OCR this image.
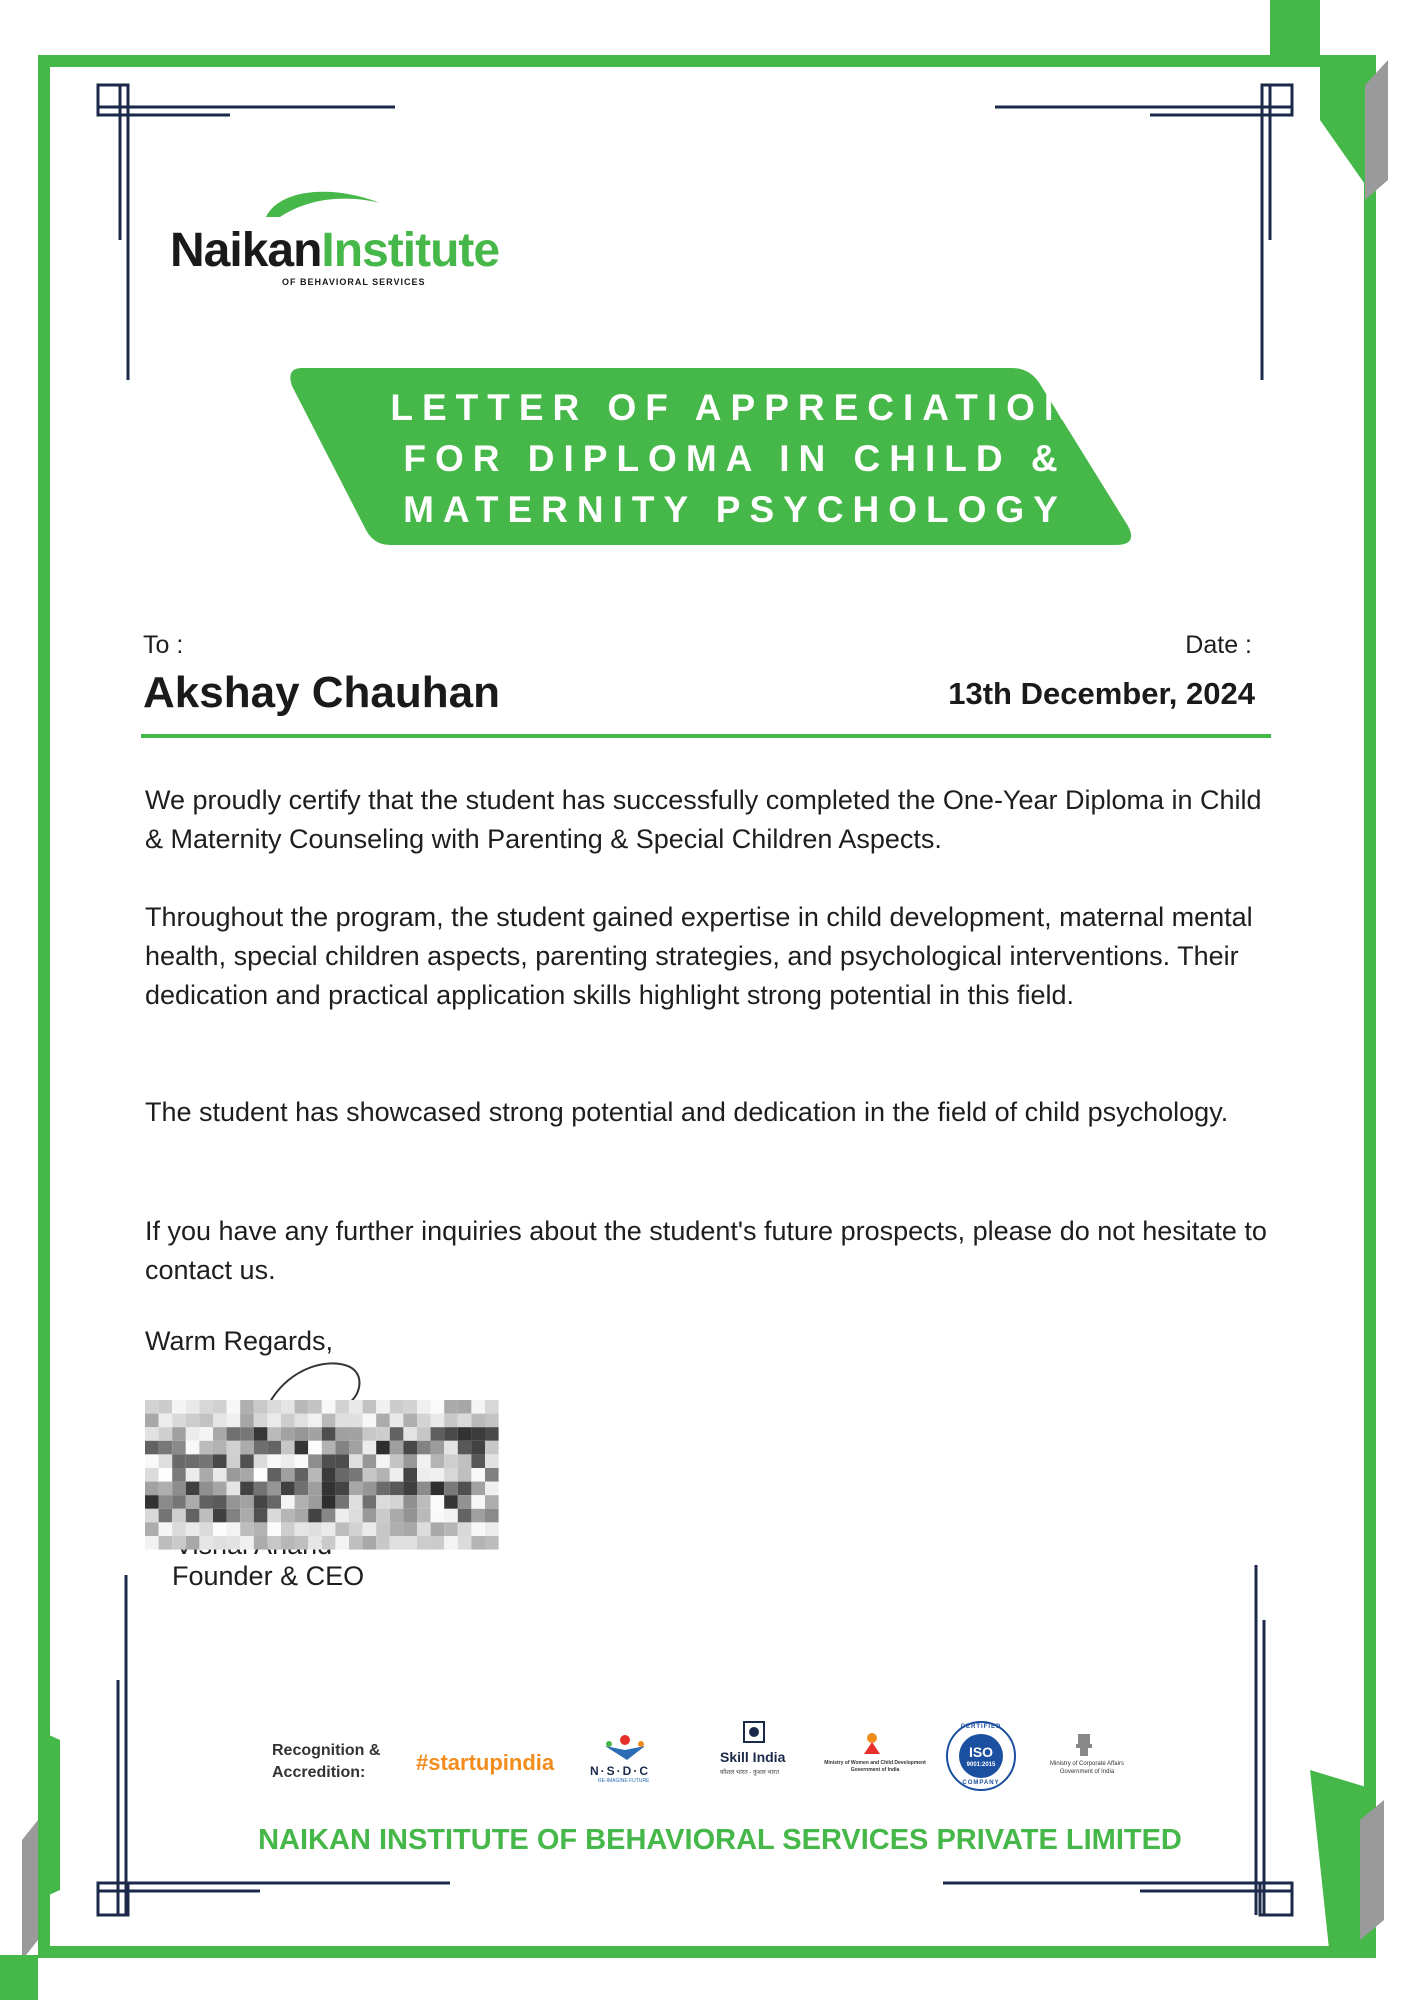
NaikanInstitute
OF BEHAVIORAL SERVICES
LETTER OF APPRECIATION
FOR DIPLOMA IN CHILD &
MATERNITY PSYCHOLOGY
To :
Akshay Chauhan
Date :
13th December, 2024

We proudly certify that the student has successfully completed the One-Year Diploma in Child & Maternity Counseling with Parenting & Special Children Aspects.

Throughout the program, the student gained expertise in child development, maternal mental health, special children aspects, parenting strategies, and psychological interventions. Their dedication and practical application skills highlight strong potential in this field.

The student has showcased strong potential and dedication in the field of child psychology.

If you have any further inquiries about the student's future prospects, please do not hesitate to contact us.

Warm Regards,

Founder & CEO
Recognition & Accredition:	#startupindia	N·S·D·C
RE-IMAGINE FUTURE
Skill India
कौशल भारत - कुशल भारत
Ministry of Women and Child Development
Government of India
CERTIFIED
ISO
9001:2015
COMPANY
Ministry of Corporate Affairs
Government of India
NAIKAN INSTITUTE OF BEHAVIORAL SERVICES PRIVATE LIMITED
